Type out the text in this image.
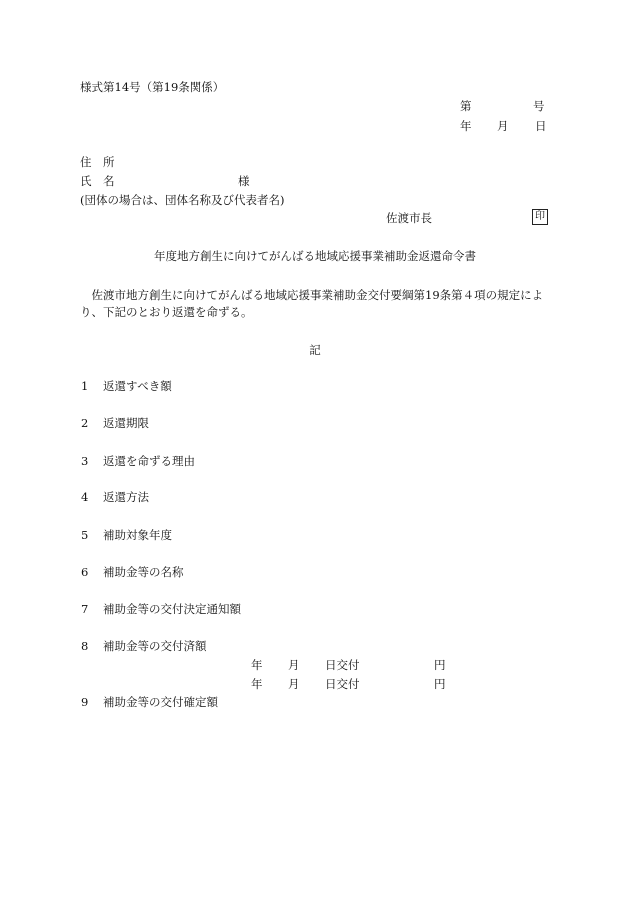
様式第14号（第19条関係）
第	号
年 月 日
住　所
氏　名	様
(団体の場合は、団体名称及び代表者名)
佐渡市長	印
年度地方創生に向けてがんばる地域応援事業補助金返還命令書
佐渡市地方創生に向けてがんばる地域応援事業補助金交付要綱第19条第４項の規定により、下記のとおり返還を命ずる。
記
1 返還すべき額
2 返還期限
3 返還を命ずる理由
4 返還方法
5 補助対象年度
6 補助金等の名称
7 補助金等の交付決定通知額
8 補助金等の交付済額
年 月 日交付	円
年 月 日交付	円
9 補助金等の交付確定額
